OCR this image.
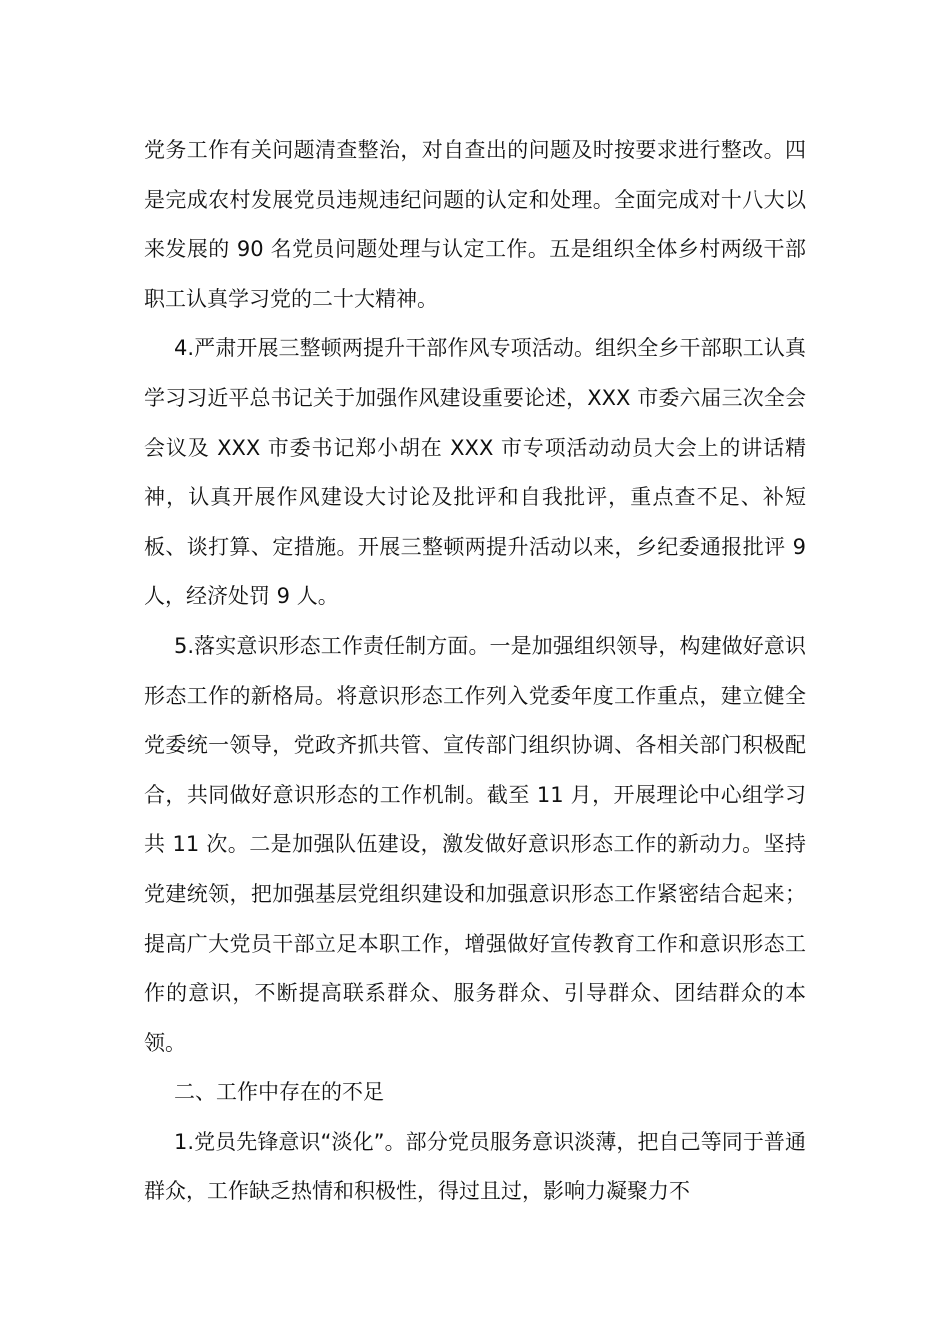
党务工作有关问题清查整治，对自查出的问题及时按要求进行整改。四是完成农村发展党员违规违纪问题的认定和处理。全面完成对十八大以来发展的 90 名党员问题处理与认定工作。五是组织全体乡村两级干部职工认真学习党的二十大精神。

4.严肃开展三整顿两提升干部作风专项活动。组织全乡干部职工认真学习习近平总书记关于加强作风建设重要论述，XXX 市委六届三次全会会议及 XXX 市委书记郑小胡在 XXX 市专项活动动员大会上的讲话精神，认真开展作风建设大讨论及批评和自我批评，重点查不足、补短板、谈打算、定措施。开展三整顿两提升活动以来，乡纪委通报批评 9 人，经济处罚 9 人。

5.落实意识形态工作责任制方面。一是加强组织领导，构建做好意识形态工作的新格局。将意识形态工作列入党委年度工作重点，建立健全党委统一领导，党政齐抓共管、宣传部门组织协调、各相关部门积极配合，共同做好意识形态的工作机制。截至 11 月，开展理论中心组学习共 11 次。二是加强队伍建设，激发做好意识形态工作的新动力。坚持党建统领，把加强基层党组织建设和加强意识形态工作紧密结合起来；提高广大党员干部立足本职工作，增强做好宣传教育工作和意识形态工作的意识，不断提高联系群众、服务群众、引导群众、团结群众的本领。

二、工作中存在的不足

1.党员先锋意识“淡化”。部分党员服务意识淡薄，把自己等同于普通群众，工作缺乏热情和积极性，得过且过，影响力凝聚力不
